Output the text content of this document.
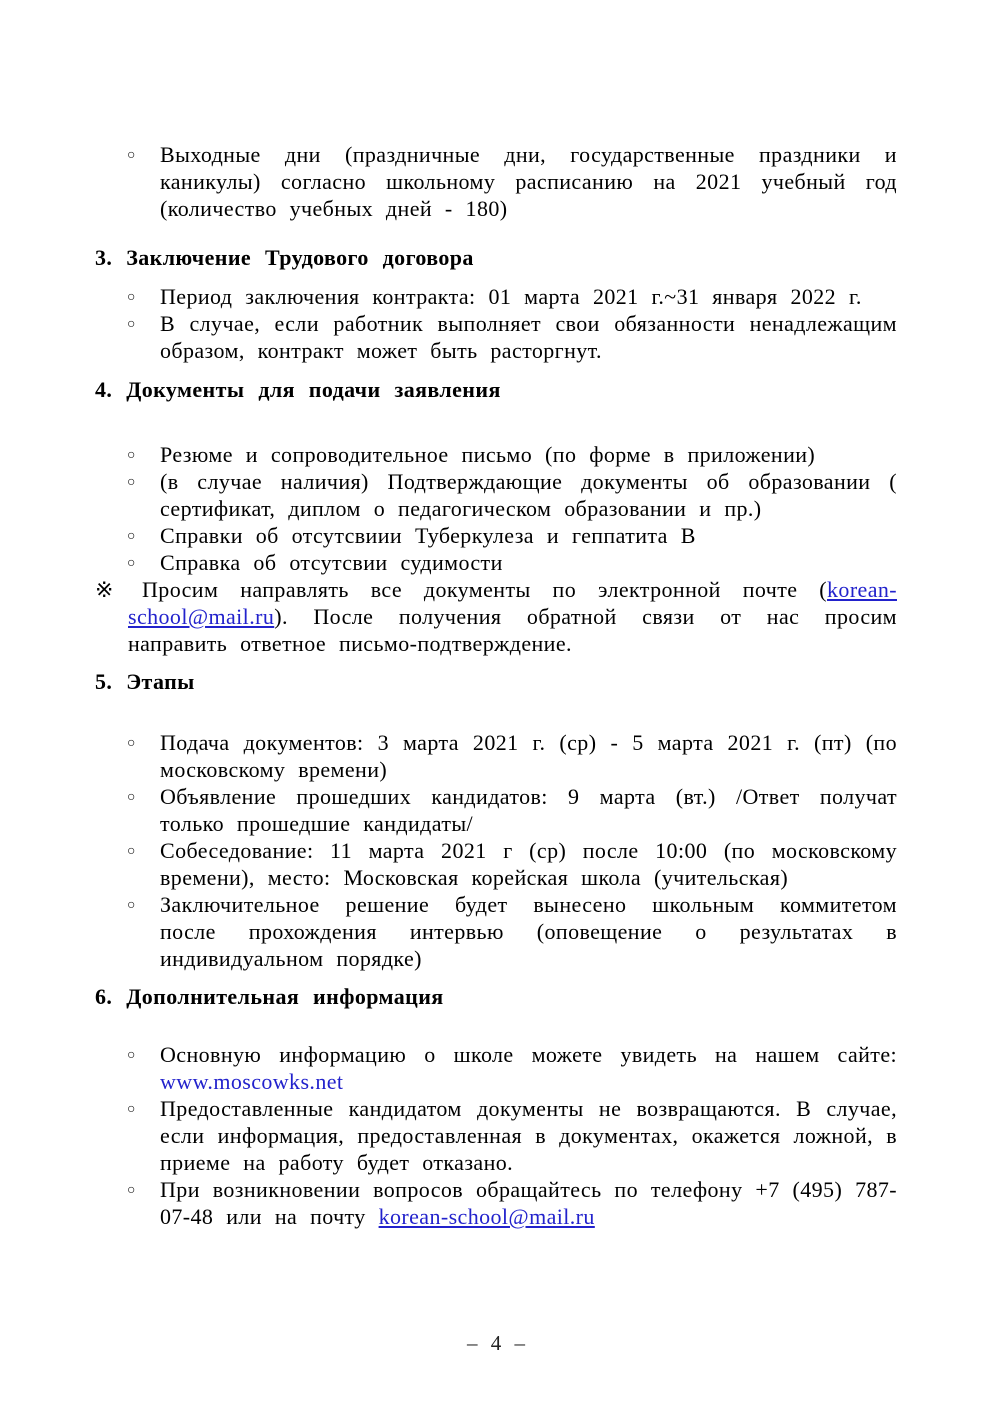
○ Выходные дни (праздничные дни, государственные праздники и каникулы) согласно школьному расписанию на 2021 учебный год (количество учебных дней - 180)

3. Заключение Трудового договора

○ Период заключения контракта: 01 марта 2021 г.~31 января 2022 г.

○ В случае, если работник выполняет свои обязанности ненадлежащим образом, контракт может быть расторгнут.

4. Документы для подачи заявления

○ Резюме и сопроводительное письмо (по форме в приложении)

○ (в случае наличия) Подтверждающие документы об образовании ( сертификат, диплом о педагогическом образовании и пр.)

○ Справки об отсутсвиии Туберкулеза и геппатита В

○ Справка об отсутсвии судимости

※ Просим направлять все документы по электронной почте (korean-school@mail.ru). После получения обратной связи от нас просим направить ответное письмо-подтверждение.

5. Этапы

○ Подача документов: 3 марта 2021 г. (ср) - 5 марта 2021 г. (пт) (по московскому времени)

○ Объявление прошедших кандидатов: 9 марта (вт.) /Ответ получат только прошедшие кандидаты/

○ Собеседование: 11 марта 2021 г (ср) после 10:00 (по московскому времени), место: Московская корейская школа (учительская)

○ Заключительное решение будет вынесено школьным коммитетом после прохождения интервью (оповещение о результатах в индивидуальном порядке)

6. Дополнительная информация

○ Основную информацию о школе можете увидеть на нашем сайте: www.moscowks.net

○ Предоставленные кандидатом документы не возвращаются. В случае, если информация, предоставленная в документах, окажется ложной, в приеме на работу будет отказано.

○ При возникновении вопросов обращайтесь по телефону +7 (495) 787-07-48 или на почту korean-school@mail.ru

– 4 –
